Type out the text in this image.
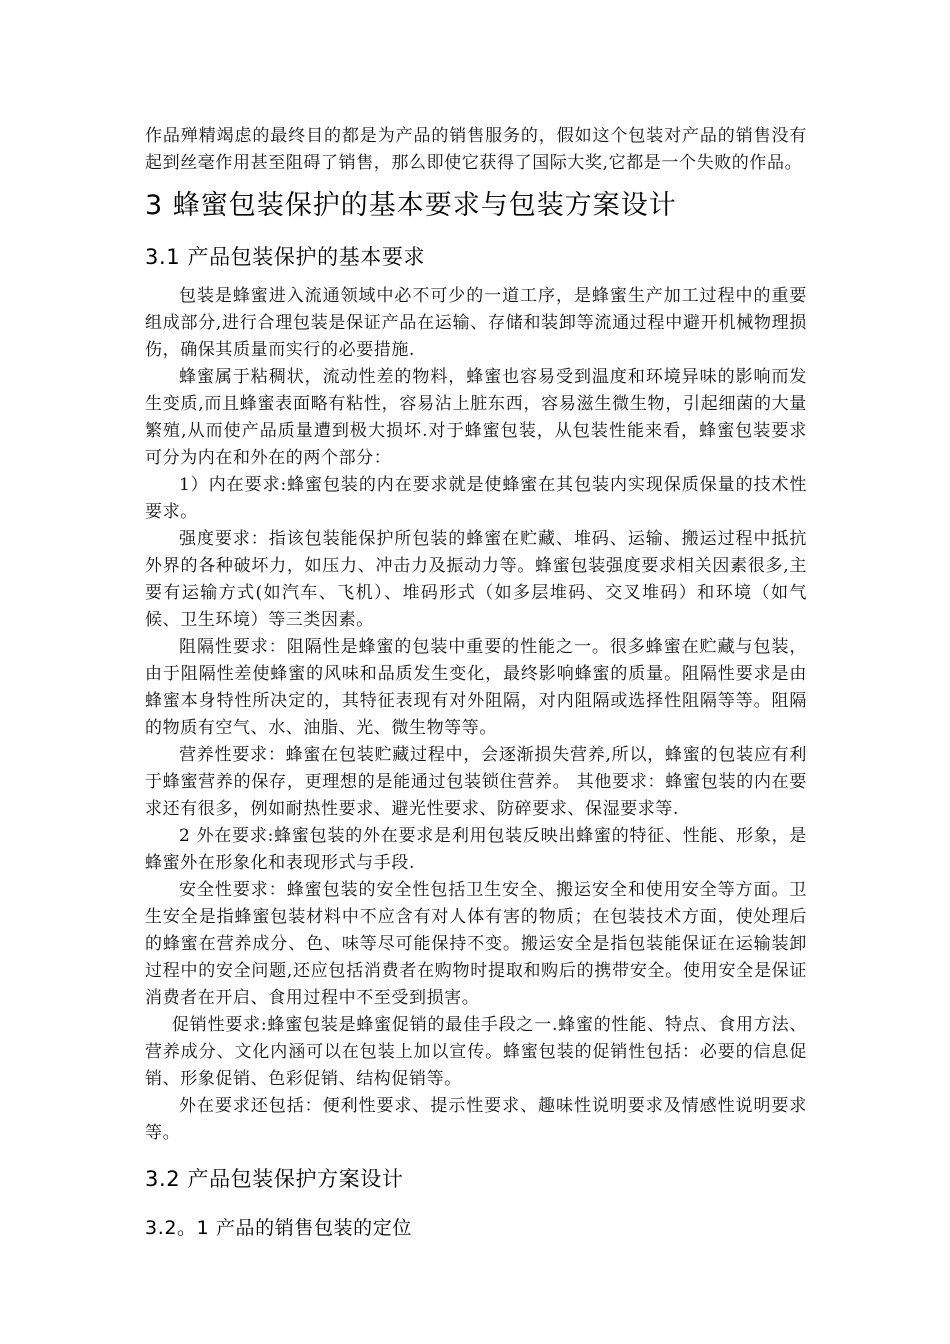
作品殚精竭虑的最终目的都是为产品的销售服务的，假如这个包装对产品的销售没有起到丝毫作用甚至阻碍了销售，那么即使它获得了国际大奖,它都是一个失败的作品。

3 蜂蜜包装保护的基本要求与包装方案设计
3.1 产品包装保护的基本要求

包装是蜂蜜进入流通领域中必不可少的一道工序，是蜂蜜生产加工过程中的重要组成部分,进行合理包装是保证产品在运输、存储和装卸等流通过程中避开机械物理损伤，确保其质量而实行的必要措施.

蜂蜜属于粘稠状，流动性差的物料，蜂蜜也容易受到温度和环境异味的影响而发生变质,而且蜂蜜表面略有粘性，容易沾上脏东西，容易滋生微生物，引起细菌的大量繁殖,从而使产品质量遭到极大损坏.对于蜂蜜包装，从包装性能来看，蜂蜜包装要求可分为内在和外在的两个部分：

1）内在要求:蜂蜜包装的内在要求就是使蜂蜜在其包装内实现保质保量的技术性要求。

强度要求：指该包装能保护所包装的蜂蜜在贮藏、堆码、运输、搬运过程中抵抗外界的各种破坏力，如压力、冲击力及振动力等。蜂蜜包装强度要求相关因素很多,主要有运输方式(如汽车、飞机）、堆码形式（如多层堆码、交叉堆码）和环境（如气候、卫生环境）等三类因素。

阻隔性要求：阻隔性是蜂蜜的包装中重要的性能之一。很多蜂蜜在贮藏与包装，由于阻隔性差使蜂蜜的风味和品质发生变化，最终影响蜂蜜的质量。阻隔性要求是由蜂蜜本身特性所决定的，其特征表现有对外阻隔，对内阻隔或选择性阻隔等等。阻隔的物质有空气、水、油脂、光、微生物等等。

营养性要求：蜂蜜在包装贮藏过程中，会逐渐损失营养,所以，蜂蜜的包装应有利于蜂蜜营养的保存，更理想的是能通过包装锁住营养。 其他要求：蜂蜜包装的内在要求还有很多，例如耐热性要求、避光性要求、防碎要求、保湿要求等.

2 外在要求:蜂蜜包装的外在要求是利用包装反映出蜂蜜的特征、性能、形象，是蜂蜜外在形象化和表现形式与手段.

安全性要求：蜂蜜包装的安全性包括卫生安全、搬运安全和使用安全等方面。卫生安全是指蜂蜜包装材料中不应含有对人体有害的物质；在包装技术方面，使处理后的蜂蜜在营养成分、色、味等尽可能保持不变。搬运安全是指包装能保证在运输装卸过程中的安全问题,还应包括消费者在购物时提取和购后的携带安全。使用安全是保证消费者在开启、食用过程中不至受到损害。

促销性要求:蜂蜜包装是蜂蜜促销的最佳手段之一.蜂蜜的性能、特点、食用方法、营养成分、文化内涵可以在包装上加以宣传。蜂蜜包装的促销性包括：必要的信息促销、形象促销、色彩促销、结构促销等。

外在要求还包括：便利性要求、提示性要求、趣味性说明要求及情感性说明要求等。

3.2 产品包装保护方案设计
3.2。1 产品的销售包装的定位
